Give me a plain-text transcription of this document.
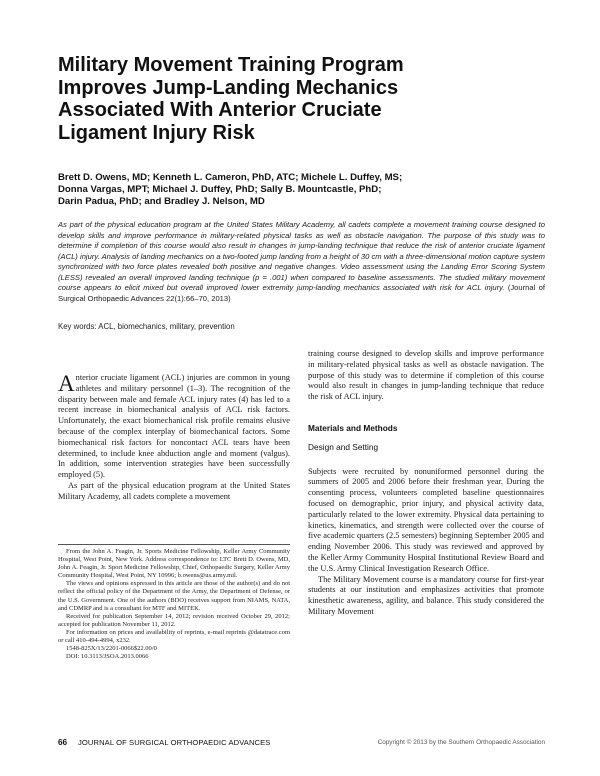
Military Movement Training Program
Improves Jump-Landing Mechanics
Associated With Anterior Cruciate
Ligament Injury Risk
Brett D. Owens, MD; Kenneth L. Cameron, PhD, ATC; Michele L. Duffey, MS;
Donna Vargas, MPT; Michael J. Duffey, PhD; Sally B. Mountcastle, PhD;
Darin Padua, PhD; and Bradley J. Nelson, MD

As part of the physical education program at the United States Military Academy, all cadets complete a movement training course designed to develop skills and improve performance in military-related physical tasks as well as obstacle navigation. The purpose of this study was to determine if completion of this course would also result in changes in jump-landing technique that reduce the risk of anterior cruciate ligament (ACL) injury. Analysis of landing mechanics on a two-footed jump landing from a height of 30 cm with a three-dimensional motion capture system synchronized with two force plates revealed both positive and negative changes. Video assessment using the Landing Error Scoring System (LESS) revealed an overall improved landing technique (p = .001) when compared to baseline assessments. The studied military movement course appears to elicit mixed but overall improved lower extremity jump-landing mechanics associated with risk for ACL injury. (Journal of Surgical Orthopaedic Advances 22(1):66–70, 2013)

Key words: ACL, biomechanics, military, prevention

Anterior cruciate ligament (ACL) injuries are common in young athletes and military personnel (1–3). The recognition of the disparity between male and female ACL injury rates (4) has led to a recent increase in biomechanical analysis of ACL risk factors. Unfortunately, the exact biomechanical risk profile remains elusive because of the complex interplay of biomechanical factors. Some biomechanical risk factors for noncontact ACL tears have been determined, to include knee abduction angle and moment (valgus). In addition, some intervention strategies have been successfully employed (5).

As part of the physical education program at the United States Military Academy, all cadets complete a movement

From the John A. Feagin, Jr. Sports Medicine Fellowship, Keller Army Community Hospital, West Point, New York. Address correspondence to: LTC Brett D. Owens, MD, John A. Feagin, Jr. Sport Medicine Fellowship, Chief, Orthopaedic Surgery, Keller Army Community Hospital, West Point, NY 10996; b.owens@us.army.mil.

The views and opinions expressed in this article are those of the author(s) and do not reflect the official policy of the Department of the Army, the Department of Defense, or the U.S. Government. One of the authors (BDO) receives support from NIAMS, NATA, and CDMRP and is a consultant for MTF and MITEK.

Received for publication September 14, 2012; revision received October 29, 2012; accepted for publication November 11, 2012.

For information on prices and availability of reprints, e-mail reprints @datatrace.com or call 410-494-4994, x232.

1548-825X/13/2201-0066$22.00/0

DOI: 10.3113/JSOA.2013.0066

training course designed to develop skills and improve performance in military-related physical tasks as well as obstacle navigation. The purpose of this study was to determine if completion of this course would also result in changes in jump-landing technique that reduce the risk of ACL injury.

Materials and Methods
Design and Setting

Subjects were recruited by nonuniformed personnel during the summers of 2005 and 2006 before their freshman year. During the consenting process, volunteers completed baseline questionnaires focused on demographic, prior injury, and physical activity data, particularly related to the lower extremity. Physical data pertaining to kinetics, kinematics, and strength were collected over the course of five academic quarters (2.5 semesters) beginning September 2005 and ending November 2006. This study was reviewed and approved by the Keller Army Community Hospital Institutional Review Board and the U.S. Army Clinical Investigation Research Office.

The Military Movement course is a mandatory course for first-year students at our institution and emphasizes activities that promote kinesthetic awareness, agility, and balance. This study considered the Military Movement

66 JOURNAL OF SURGICAL ORTHOPAEDIC ADVANCES	Copyright © 2013 by the Southern Orthopaedic Association
